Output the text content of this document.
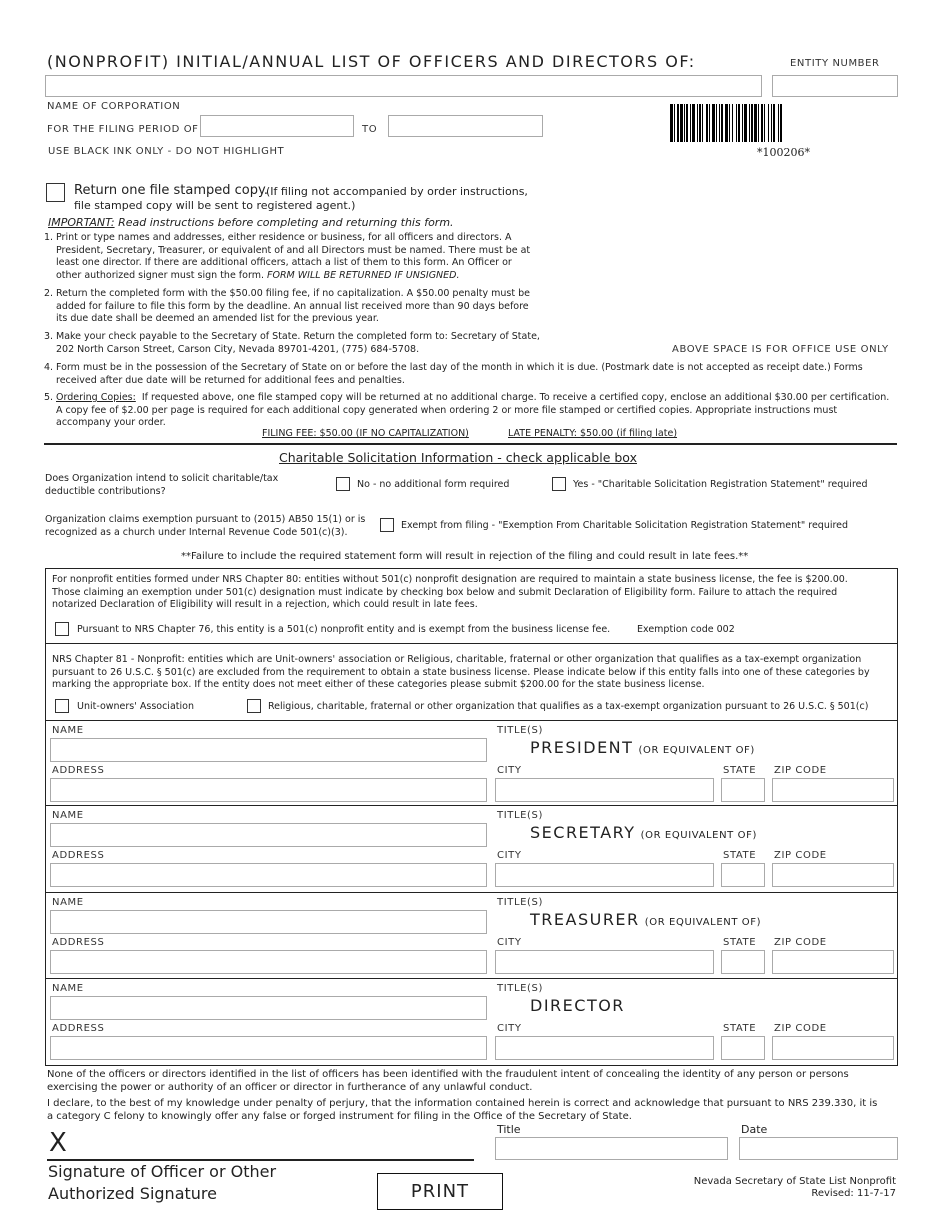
(NONPROFIT) INITIAL/ANNUAL LIST OF OFFICERS AND DIRECTORS OF:	ENTITY NUMBER
NAME OF CORPORATION
FOR THE FILING PERIOD OF	TO
USE BLACK INK ONLY - DO NOT HIGHLIGHT	*100206*
Return one file stamped copy.
(If filing not accompanied by order instructions,
file stamped copy will be sent to registered agent.)
IMPORTANT: Read instructions before completing and returning this form.
1. Print or type names and addresses, either residence or business, for all officers and directors. A
President, Secretary, Treasurer, or equivalent of and all Directors must be named. There must be at
least one director. If there are additional officers, attach a list of them to this form. An Officer or
other authorized signer must sign the form. FORM WILL BE RETURNED IF UNSIGNED.
2. Return the completed form with the $50.00 filing fee, if no capitalization. A $50.00 penalty must be
added for failure to file this form by the deadline. An annual list received more than 90 days before
its due date shall be deemed an amended list for the previous year.
3. Make your check payable to the Secretary of State. Return the completed form to: Secretary of State,
202 North Carson Street, Carson City, Nevada 89701-4201, (775) 684-5708.	ABOVE SPACE IS FOR OFFICE USE ONLY
4. Form must be in the possession of the Secretary of State on or before the last day of the month in which it is due. (Postmark date is not accepted as receipt date.) Forms
received after due date will be returned for additional fees and penalties.
5. Ordering Copies: If requested above, one file stamped copy will be returned at no additional charge. To receive a certified copy, enclose an additional $30.00 per certification.
A copy fee of $2.00 per page is required for each additional copy generated when ordering 2 or more file stamped or certified copies. Appropriate instructions must
accompany your order.
FILING FEE: $50.00 (IF NO CAPITALIZATION)	LATE PENALTY: $50.00 (if filing late)
Charitable Solicitation Information - check applicable box
Does Organization intend to solicit charitable/tax
deductible contributions?
No - no additional form required	Yes - "Charitable Solicitation Registration Statement" required
Organization claims exemption pursuant to (2015) AB50 15(1) or is
recognized as a church under Internal Revenue Code 501(c)(3).
Exempt from filing - "Exemption From Charitable Solicitation Registration Statement" required
**Failure to include the required statement form will result in rejection of the filing and could result in late fees.**
For nonprofit entities formed under NRS Chapter 80: entities without 501(c) nonprofit designation are required to maintain a state business license, the fee is $200.00.
Those claiming an exemption under 501(c) designation must indicate by checking box below and submit Declaration of Eligibility form. Failure to attach the required
notarized Declaration of Eligibility will result in a rejection, which could result in late fees.
Pursuant to NRS Chapter 76, this entity is a 501(c) nonprofit entity and is exempt from the business license fee.	Exemption code 002
NRS Chapter 81 - Nonprofit: entities which are Unit-owners' association or Religious, charitable, fraternal or other organization that qualifies as a tax-exempt organization
pursuant to 26 U.S.C. § 501(c) are excluded from the requirement to obtain a state business license. Please indicate below if this entity falls into one of these categories by
marking the appropriate box. If the entity does not meet either of these categories please submit $200.00 for the state business license.
Unit-owners' Association	Religious, charitable, fraternal or other organization that qualifies as a tax-exempt organization pursuant to 26 U.S.C. § 501(c)
NAME	TITLE(S)
PRESIDENT (OR EQUIVALENT OF)
ADDRESS	CITY	STATE ZIP CODE
NAME	TITLE(S)
SECRETARY (OR EQUIVALENT OF)
ADDRESS	CITY	STATE ZIP CODE
NAME	TITLE(S)
TREASURER (OR EQUIVALENT OF)
ADDRESS	CITY	STATE ZIP CODE
NAME	TITLE(S)
DIRECTOR
ADDRESS	CITY	STATE ZIP CODE
None of the officers or directors identified in the list of officers has been identified with the fraudulent intent of concealing the identity of any person or persons
exercising the power or authority of an officer or director in furtherance of any unlawful conduct.
I declare, to the best of my knowledge under penalty of perjury, that the information contained herein is correct and acknowledge that pursuant to NRS 239.330, it is
a category C felony to knowingly offer any false or forged instrument for filing in the Office of the Secretary of State.
X
Signature of Officer or Other
Authorized Signature
Title	Date
PRINT	Nevada Secretary of State List Nonprofit
Revised: 11-7-17
